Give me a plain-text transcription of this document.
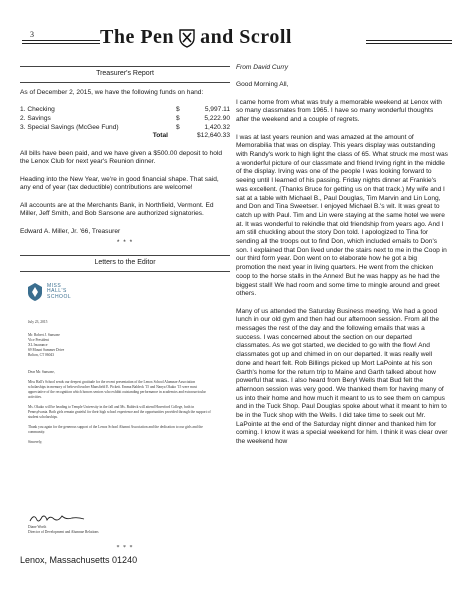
3	The Pen and Scroll
Treasurer's Report

As of December 2, 2015, we have the following funds on hand:

1. Checking	$	5,997.11
2. Savings	$	5,222.90
3. Special Savings (McGee Fund)	$	1,420.32
Total	$12,640.33

All bills have been paid, and we have given a $500.00 deposit to hold the Lenox Club for next year's Reunion dinner.

Heading into the New Year, we're in good financial shape. That said, any end of year (tax deductible) contributions are welcome!

All accounts are at the Merchants Bank, in Northfield, Vermont. Ed Miller, Jeff Smith, and Bob Sansone are authorized signatories.

Edward A. Miller, Jr. '66, Treasurer

* * *
Letters to the Editor
MISS
HALL'S
SCHOOL
July 23, 2015
Mr. Robert J. Sansone
Vice President
XL Insurance
69 Mount Summer Drive
Bolton, CT 06043
Dear Mr. Sansone,
Miss Hall's School sends our deepest gratitude for the recent presentation of the Lenox School Alumnae Association scholarships in memory of beloved teacher Mansfield E. Pickett. Emma Baldeck '15 and Nanya Okuko '15 were most appreciative of the recognition which honors seniors who exhibit outstanding performance in academics and extracurricular activities.
Ms. Okuko will be heading to Temple University in the fall and Ms. Baldeck will attend Haverford College, both in Pennsylvania. Both girls remain grateful for their high school experience and the opportunities provided through the support of student scholarships.
Thank you again for the generous support of the Lenox School Alumni Association and the dedication to our girls and the community.
Sincerely,
Diane Worth
Director of Development and Alumnae Relations
* * *
Lenox, Massachusetts 01240
From David Curry

Good Morning All,

I came home from what was truly a memorable weekend at Lenox with so many classmates from 1965. I have so many wonderful thoughts after the weekend and a couple of regrets.

I was at last years reunion and was amazed at the amount of Memorabilia that was on display. This years display was outstanding with Randy's work to high light the class of 65. What struck me most was a wonderful picture of our classmate and friend Irving right in the middle of the display. Irving was one of the people I was looking forward to seeing until I learned of his passing. Friday nights dinner at Frankie's was excellent. (Thanks Bruce for getting us on that track.) My wife and I sat at a table with Michael B., Paul Douglas, Tim Marvin and Lin Long, and Don and Tina Sweetser. I enjoyed Michael B.'s wit. It was great to catch up with Paul. Tim and Lin were staying at the same hotel we were at. It was wonderful to rekindle that old friendship from years ago. And I am still chuckling about the story Don told. I apologized to Tina for sending all the troops out to find Don, which included emails to Don's son. I explained that Don lived under the stairs next to me in the Coop in our third form year. Don went on to elaborate how he got a big promotion the next year in living quarters. He went from the chicken coop to the horse stalls in the Annex! But he was happy as he had the biggest stall! We had room and some time to mingle around and greet others.

Many of us attended the Saturday Business meeting. We had a good lunch in our old gym and then had our afternoon session. From all the messages the rest of the day and the following emails that was a success. I was concerned about the section on our departed classmates. As we got started, we decided to go with the flow! And classmates got up and chimed in on our departed. It was really well done and heart felt. Rob Billings picked up Mort LaPointe at his son Garth's home for the return trip to Maine and Garth talked about how powerful that was. I also heard from Beryl Wells that Bud felt the afternoon session was very good. We thanked them for having many of us into their home and how much it meant to us to see them on campus and in the Tuck Shop. Paul Douglas spoke about what it meant to him to be in the Tuck shop with the Wells. I did take time to seek out Mr. LaPointe at the end of the Saturday night dinner and thanked him for coming. I know it was a special weekend for him. I think it was clear over the weekend how
